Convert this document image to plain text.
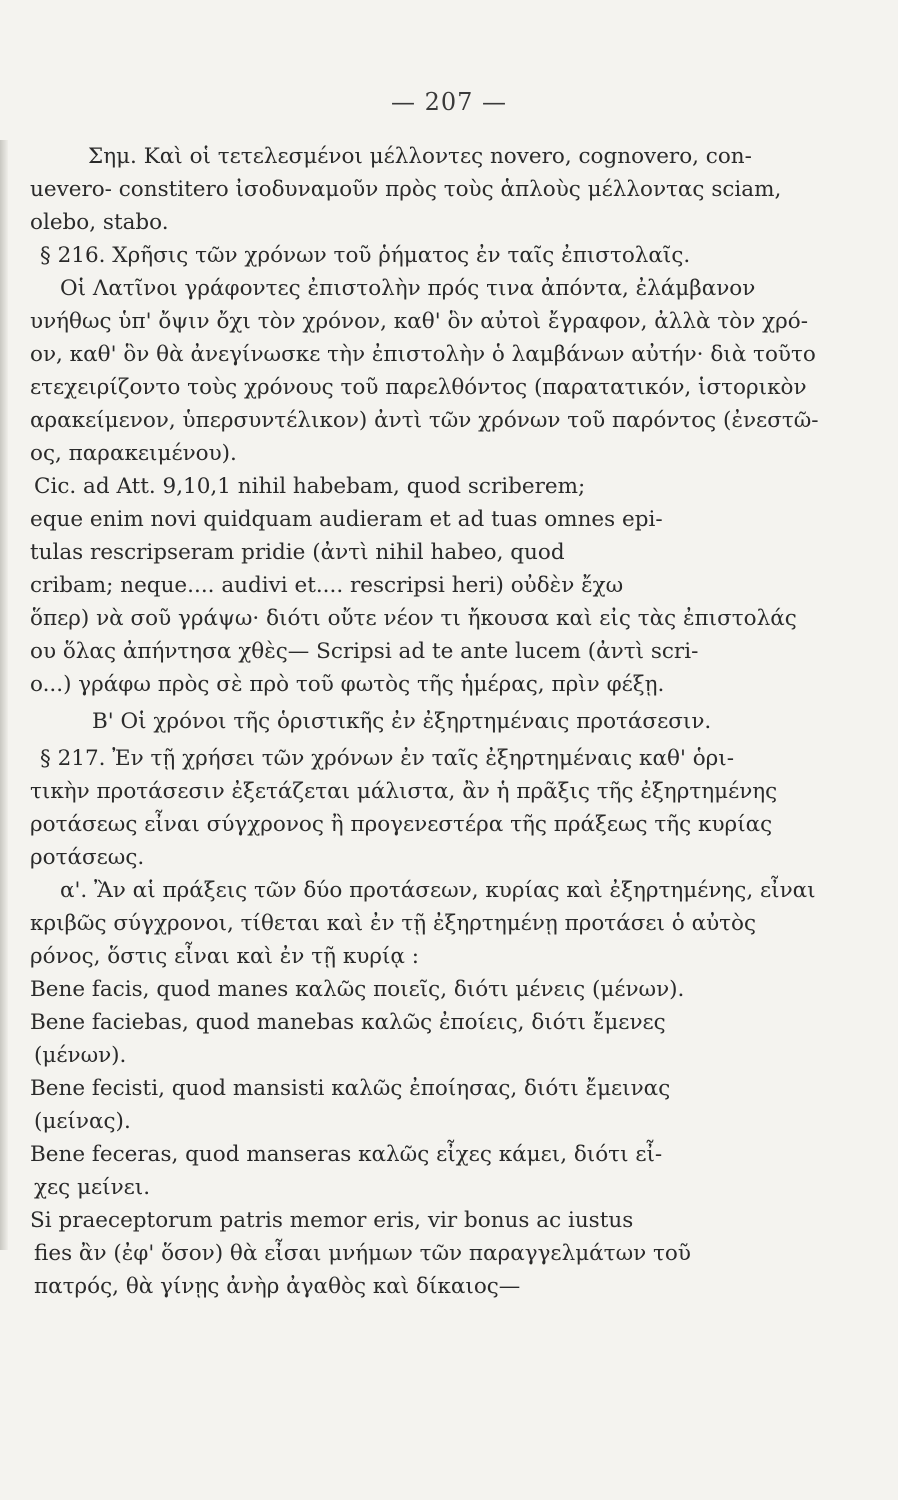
— 207 —
Σημ. Καὶ οἱ τετελεσμένοι μέλλοντες novero, cognovero, con-
uevero- constitero ἰσοδυναμοῦν πρὸς τοὺς ἁπλοὺς μέλλοντας sciam,
olebo, stabo.
§ 216. Χρῆσις τῶν χρόνων τοῦ ῥήματος ἐν ταῖς ἐπιστολαῖς.
Οἱ Λατῖνοι γράφοντες ἐπιστολὴν πρός τινα ἀπόντα, ἐλάμβανον
υνήθως ὑπ' ὄψιν ὄχι τὸν χρόνον, καθ' ὃν αὐτοὶ ἔγραφον, ἀλλὰ τὸν χρό-
ον, καθ' ὃν θὰ ἀνεγίνωσκε τὴν ἐπιστολὴν ὁ λαμβάνων αὐτήν· διὰ τοῦτο
ετεχειρίζοντο τοὺς χρόνους τοῦ παρελθόντος (παρατατικόν, ἱστορικὸν
αρακείμενον, ὑπερσυντέλικον) ἀντὶ τῶν χρόνων τοῦ παρόντος (ἐνεστῶ-
ος, παρακειμένου).
Cic. ad Att. 9,10,1 nihil habebam, quod scriberem;
eque enim novi quidquam audieram et ad tuas omnes epi-
tulas rescripseram pridie (ἀντὶ nihil habeo, quod
cribam; neque.... audivi et.... rescripsi heri) οὐδὲν ἔχω
ὅπερ) νὰ σοῦ γράψω· διότι οὔτε νέον τι ἤκουσα καὶ εἰς τὰς ἐπιστολάς
ου ὅλας ἀπήντησα χθὲς— Scripsi ad te ante lucem (ἀντὶ scri-
o...) γράφω πρὸς σὲ πρὸ τοῦ φωτὸς τῆς ἡμέρας, πρὶν φέξῃ.
Β' Οἱ χρόνοι τῆς ὁριστικῆς ἐν ἐξηρτημέναις προτάσεσιν.
§ 217. Ἐν τῇ χρήσει τῶν χρόνων ἐν ταῖς ἐξηρτημέναις καθ' ὁρι-
τικὴν προτάσεσιν ἐξετάζεται μάλιστα, ἂν ἡ πρᾶξις τῆς ἐξηρτημένης
ροτάσεως εἶναι σύγχρονος ἢ προγενεστέρα τῆς πράξεως τῆς κυρίας
ροτάσεως.
α'. Ἂν αἱ πράξεις τῶν δύο προτάσεων, κυρίας καὶ ἐξηρτημένης, εἶναι
κριβῶς σύγχρονοι, τίθεται καὶ ἐν τῇ ἐξηρτημένῃ προτάσει ὁ αὐτὸς
ρόνος, ὅστις εἶναι καὶ ἐν τῇ κυρίᾳ :
Bene facis, quod manes καλῶς ποιεῖς, διότι μένεις (μένων).
Bene faciebas, quod manebas καλῶς ἐποίεις, διότι ἔμενες
(μένων).
Bene fecisti, quod mansisti καλῶς ἐποίησας, διότι ἔμεινας
(μείνας).
Bene feceras, quod manseras καλῶς εἶχες κάμει, διότι εἶ-
χες μείνει.
Si praeceptorum patris memor eris, vir bonus ac iustus
fies ἂν (ἐφ' ὅσον) θὰ εἶσαι μνήμων τῶν παραγγελμάτων τοῦ
πατρός, θὰ γίνῃς ἀνὴρ ἀγαθὸς καὶ δίκαιος—
